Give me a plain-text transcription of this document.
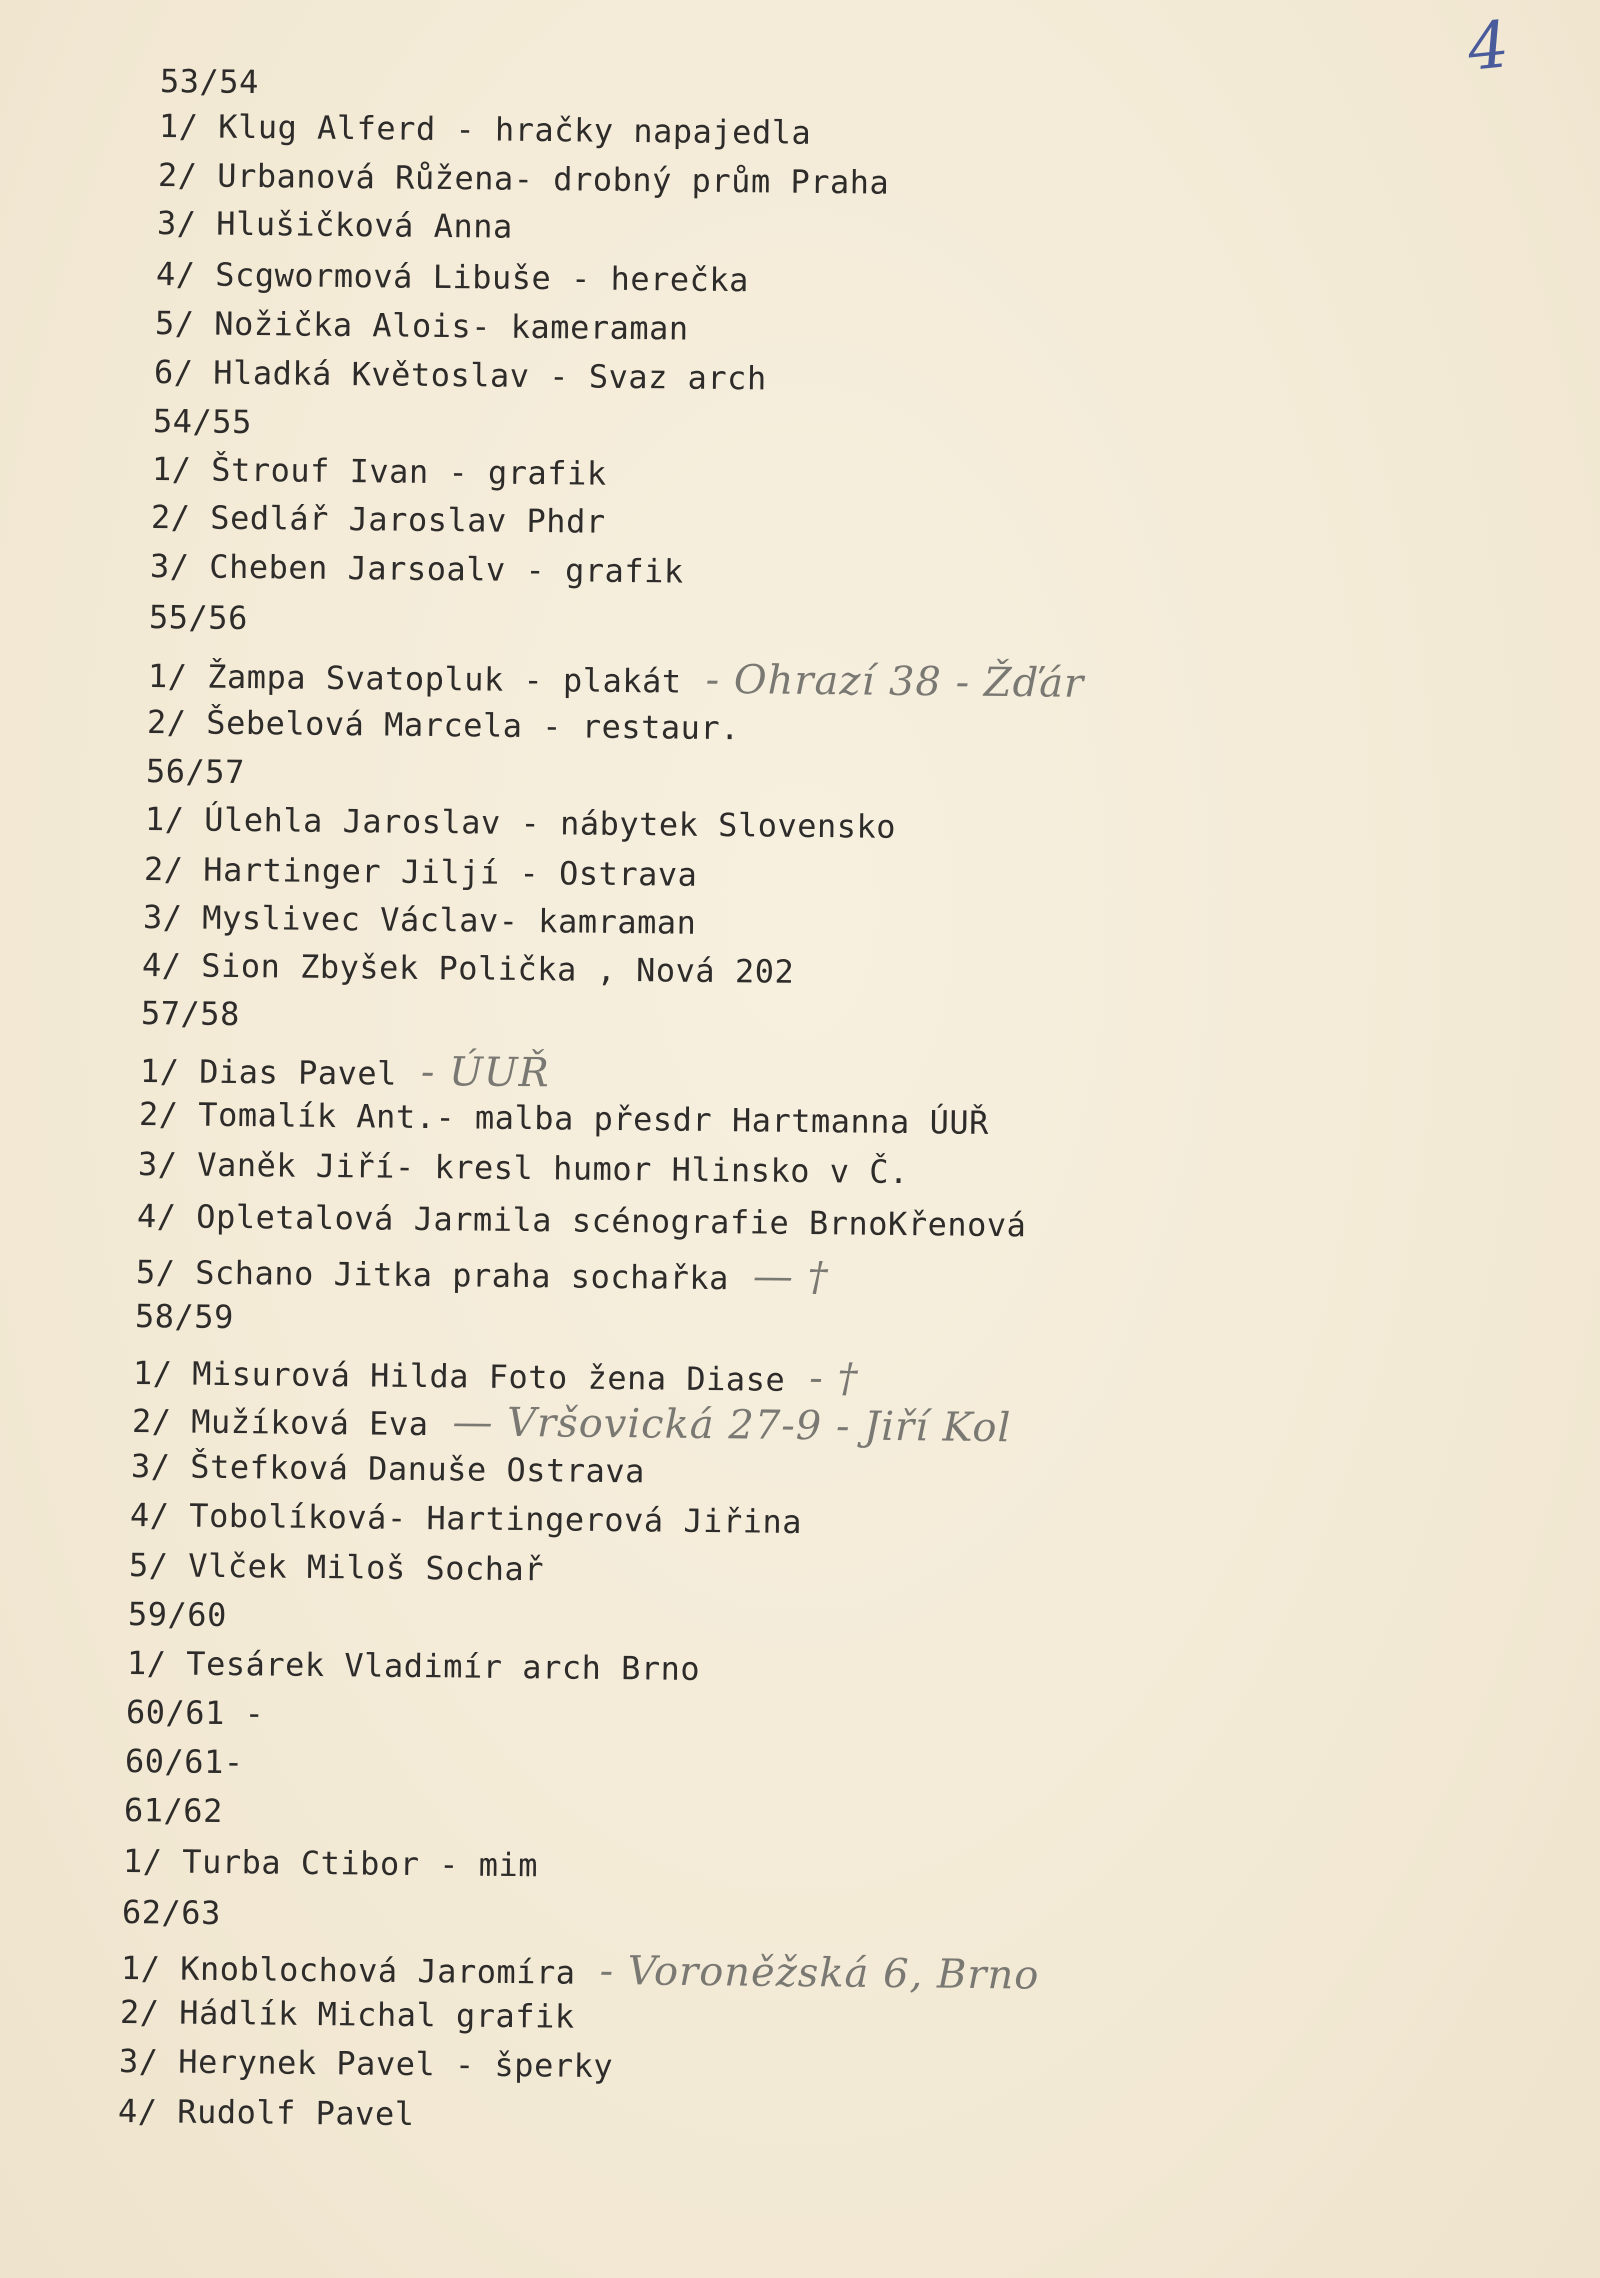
4
53/54
1/ Klug Alferd - hračky napajedla
2/ Urbanová Růžena- drobný prům Praha
3/ Hlušičková Anna
4/ Scgwormová Libuše - herečka
5/ Nožička Alois- kameraman
6/ Hladká Květoslav - Svaz arch
54/55
1/ Štrouf Ivan - grafik
2/ Sedlář Jaroslav Phdr
3/ Cheben Jarsoalv - grafik
55/56
1/ Žampa Svatopluk - plakát - Ohrazí 38 - Žďár
2/ Šebelová Marcela - restaur.
56/57
1/ Úlehla Jaroslav - nábytek Slovensko
2/ Hartinger Jiljí - Ostrava
3/ Myslivec Václav- kamraman
4/ Sion Zbyšek Polička , Nová 202
57/58
1/ Dias Pavel - ÚUŘ
2/ Tomalík Ant.- malba přesdr Hartmanna ÚUŘ
3/ Vaněk Jiří- kresl humor Hlinsko v Č.
4/ Opletalová Jarmila scénografie BrnoKřenová
5/ Schano Jitka praha sochařka — †
58/59
1/ Misurová Hilda Foto žena Diase - †
2/ Mužíková Eva — Vršovická 27-9 - Jiří Kol
3/ Štefková Danuše Ostrava
4/ Tobolíková- Hartingerová Jiřina
5/ Vlček Miloš Sochař
59/60
1/ Tesárek Vladimír arch Brno
60/61 -
60/61-
61/62
1/ Turba Ctibor - mim
62/63
1/ Knoblochová Jaromíra - Voroněžská 6, Brno
2/ Hádlík Michal grafik
3/ Herynek Pavel - šperky
4/ Rudolf Pavel
